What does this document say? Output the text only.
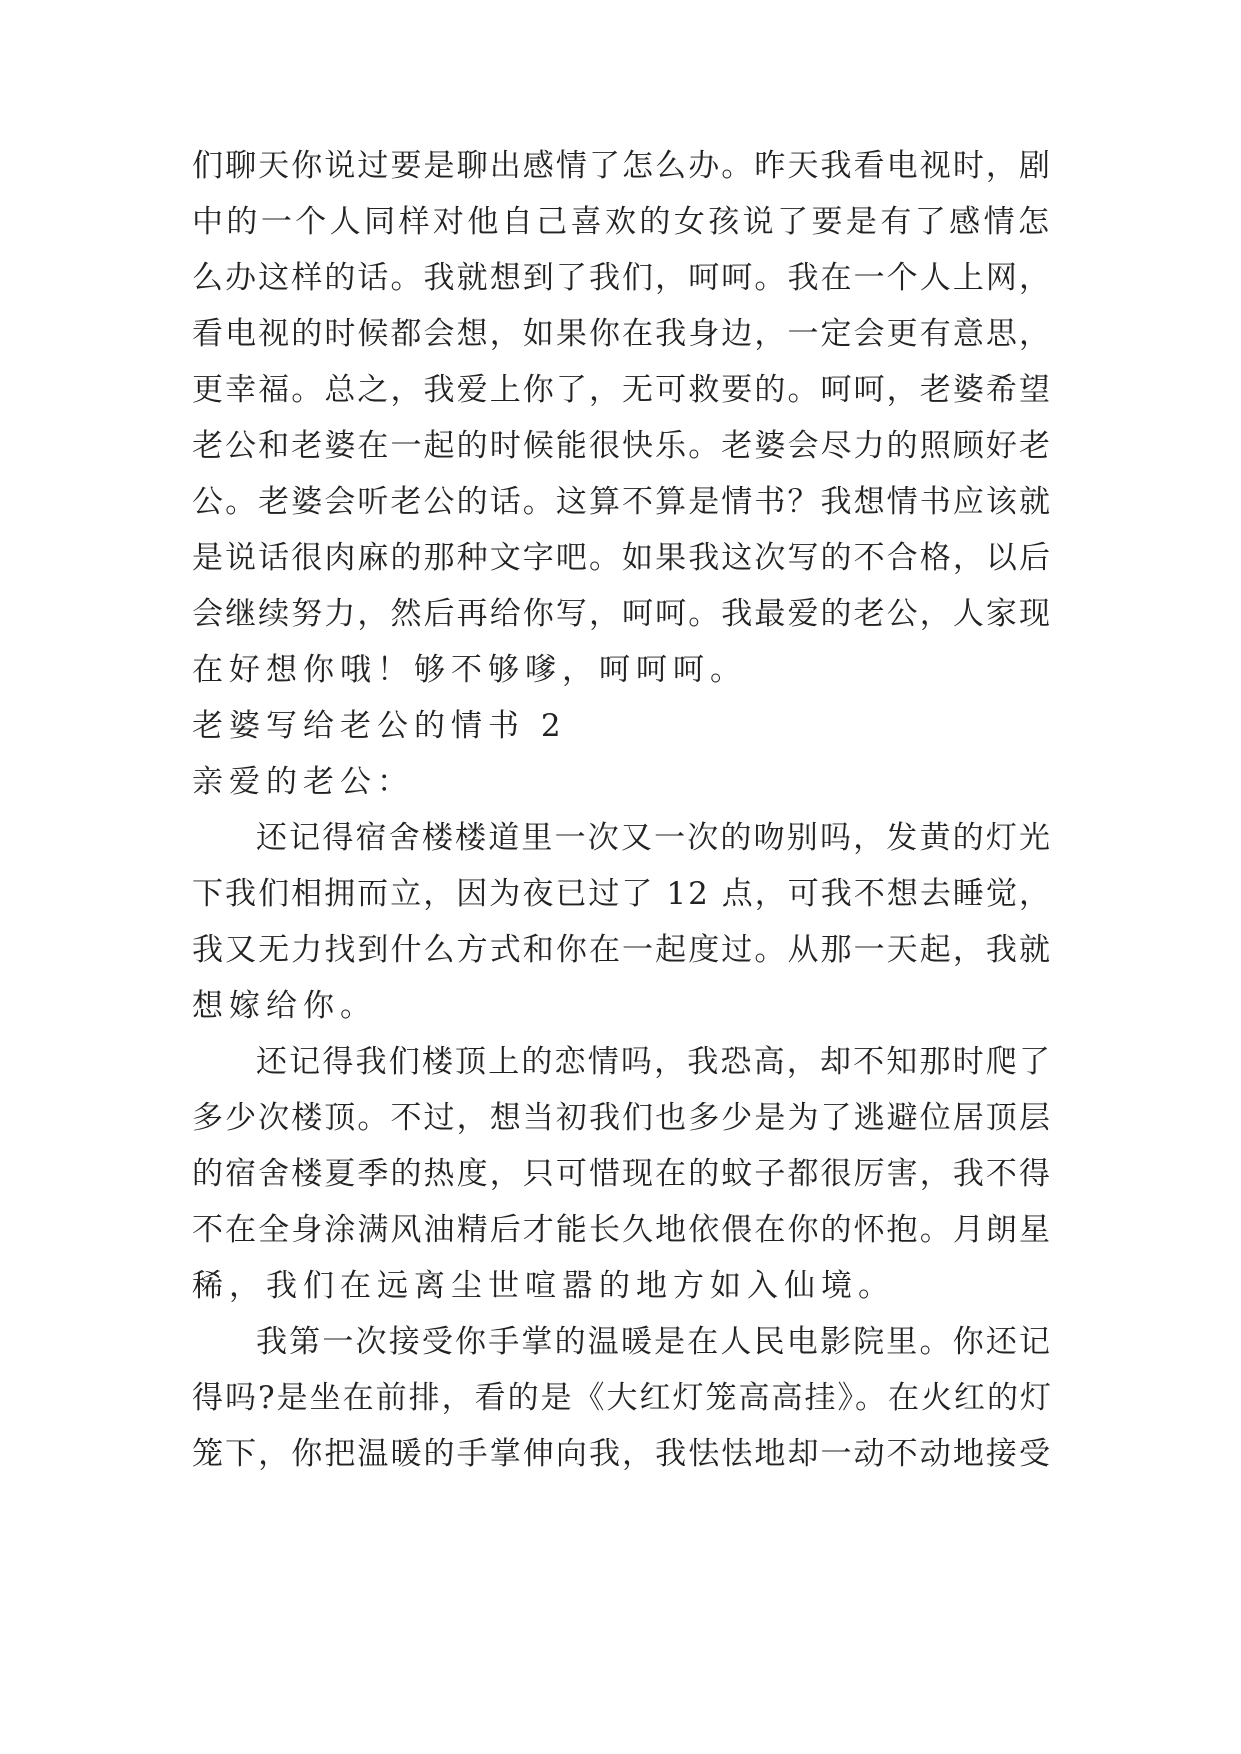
们聊天你说过要是聊出感情了怎么办。昨天我看电视时，剧
中的一个人同样对他自己喜欢的女孩说了要是有了感情怎
么办这样的话。我就想到了我们，呵呵。我在一个人上网，
看电视的时候都会想，如果你在我身边，一定会更有意思，
更幸福。总之，我爱上你了，无可救要的。呵呵，老婆希望
老公和老婆在一起的时候能很快乐。老婆会尽力的照顾好老
公。老婆会听老公的话。这算不算是情书？我想情书应该就
是说话很肉麻的那种文字吧。如果我这次写的不合格，以后
会继续努力，然后再给你写，呵呵。我最爱的老公，人家现
在好想你哦！够不够嗲，呵呵呵。
老婆写给老公的情书 2
亲爱的老公：
还记得宿舍楼楼道里一次又一次的吻别吗，发黄的灯光
下我们相拥而立，因为夜已过了 12 点，可我不想去睡觉，
我又无力找到什么方式和你在一起度过。从那一天起，我就
想嫁给你。
还记得我们楼顶上的恋情吗，我恐高，却不知那时爬了
多少次楼顶。不过，想当初我们也多少是为了逃避位居顶层
的宿舍楼夏季的热度，只可惜现在的蚊子都很厉害，我不得
不在全身涂满风油精后才能长久地依偎在你的怀抱。月朗星
稀，我们在远离尘世喧嚣的地方如入仙境。
我第一次接受你手掌的温暖是在人民电影院里。你还记
得吗?是坐在前排，看的是《大红灯笼高高挂》。在火红的灯
笼下，你把温暖的手掌伸向我，我怯怯地却一动不动地接受
